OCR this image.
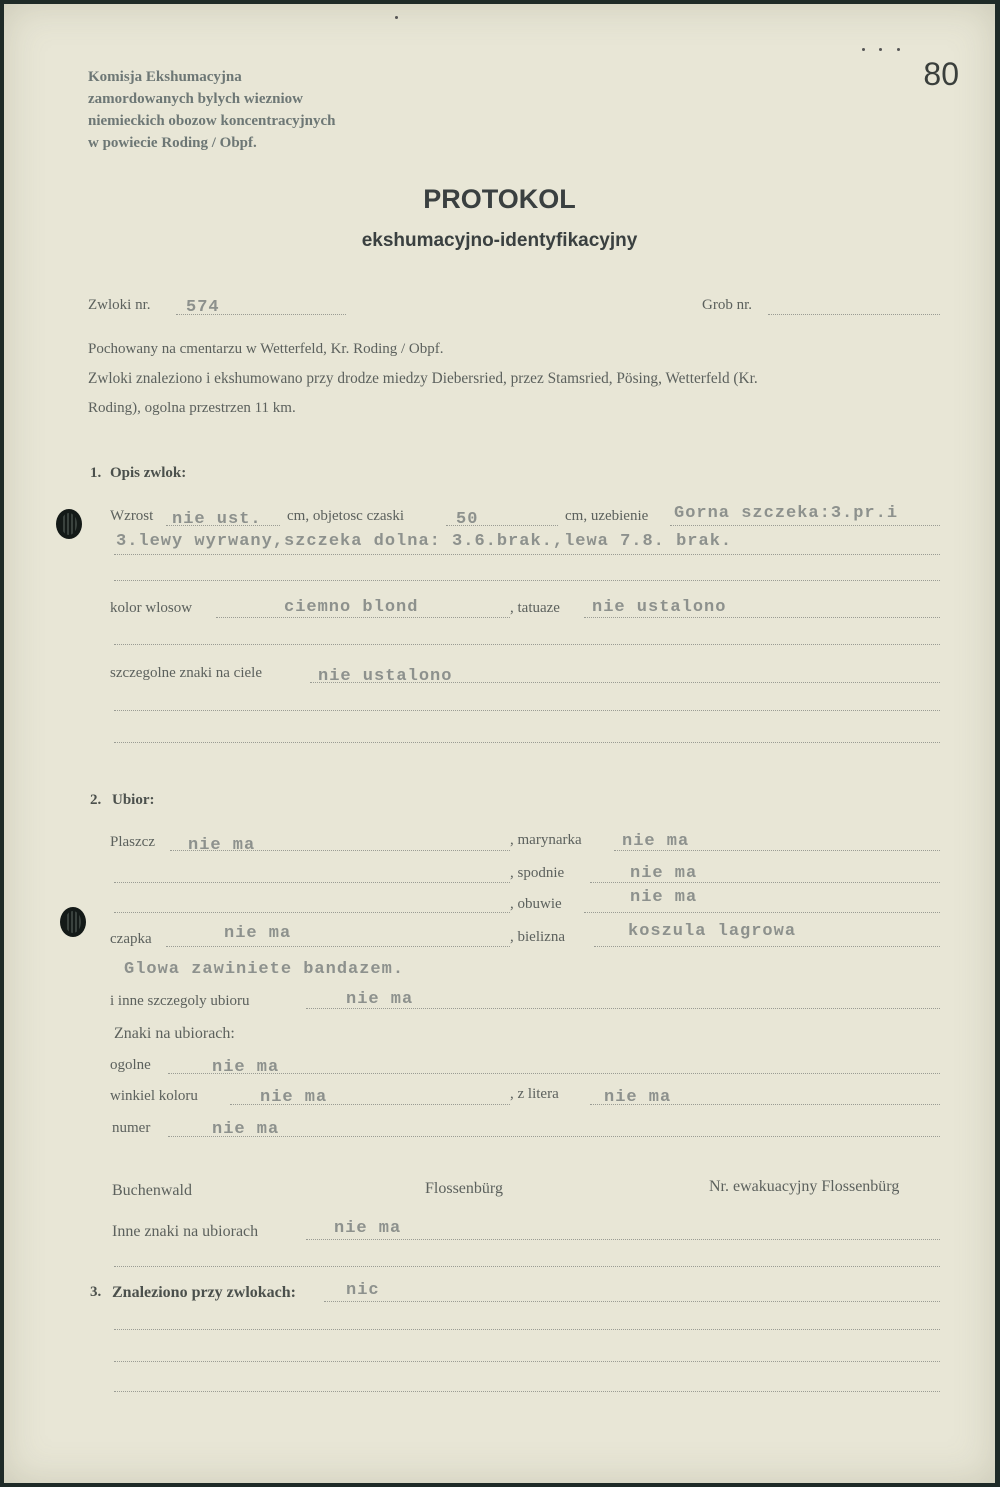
Komisja Ekshumacyjna
zamordowanych bylych wiezniow
niemieckich obozow koncentracyjnych
w powiecie Roding / Obpf.
80
PROTOKOL
ekshumacyjno-identyfikacyjny
Zwloki nr. 574	Grob nr.
Pochowany na cmentarzu w Wetterfeld, Kr. Roding / Obpf.
Zwloki znaleziono i ekshumowano przy drodze miedzy Diebersried, przez Stamsried, Pösing, Wetterfeld (Kr.
Roding), ogolna przestrzen 11 km.
1. Opis zwlok:
Wzrost nie ust. cm, objetosc czaski	50	cm, uzebienie Gorna szczeka:3.pr.i
3.lewy wyrwany,szczeka dolna: 3.6.brak.,lewa 7.8. brak.
kolor wlosow	ciemno blond	, tatuaze nie ustalono
szczegolne znaki na ciele	nie ustalono
2. Ubior:
Plaszcz nie ma	, marynarka nie ma
, spodnie	nie ma
, obuwie	nie ma
czapka	nie ma	, bielizna	koszula lagrowa
Glowa zawiniete bandazem.
i inne szczegoly ubioru	nie ma
Znaki na ubiorach:
ogolne	nie ma
winkiel koloru	nie ma	, z litera	nie ma
numer	nie ma
Buchenwald	Flossenbürg	Nr. ewakuacyjny Flossenbürg
Inne znaki na ubiorach	nie ma
3. Znaleziono przy zwlokach:	nic
